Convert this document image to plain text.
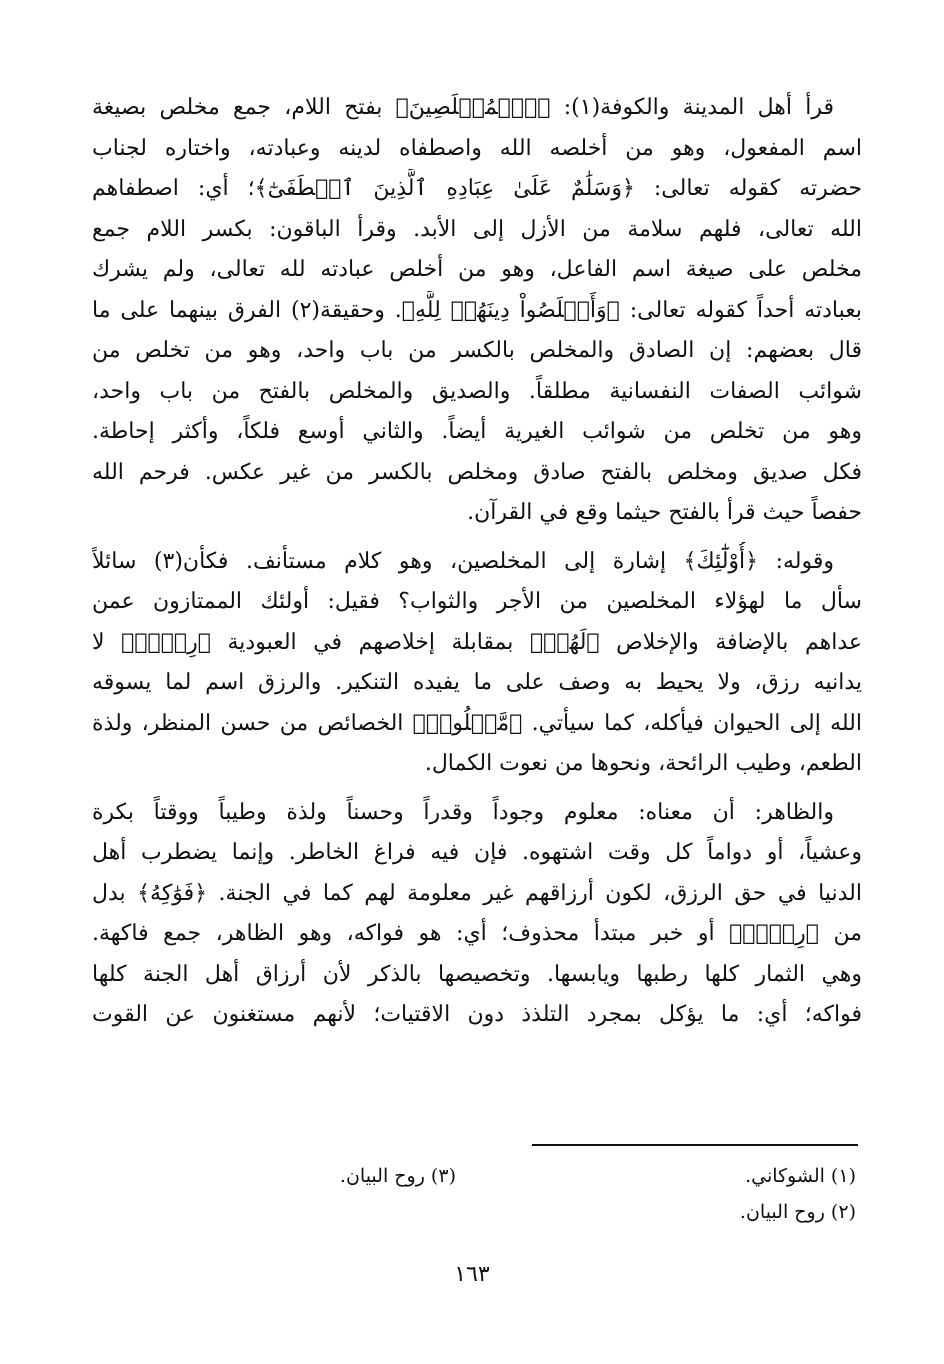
قرأ أهل المدينة والكوفة(١): ﴿ٱلۡمُخۡلَصِينَ﴾ بفتح اللام، جمع مخلص بصيغة
اسم المفعول، وهو من أخلصه الله واصطفاه لدينه وعبادته، واختاره لجناب
حضرته كقوله تعالى: ﴿وَسَلَٰمٌ عَلَىٰ عِبَادِهِ ٱلَّذِينَ ٱصۡطَفَىٰٓ﴾؛ أي: اصطفاهم
الله تعالى، فلهم سلامة من الأزل إلى الأبد. وقرأ الباقون: بكسر اللام جمع
مخلص على صيغة اسم الفاعل، وهو من أخلص عبادته لله تعالى، ولم يشرك
بعبادته أحداً كقوله تعالى: ﴿وَأَخۡلَصُواْ دِينَهُمۡ لِلَّهِ﴾. وحقيقة(٢) الفرق بينهما على ما
قال بعضهم: إن الصادق والمخلص بالكسر من باب واحد، وهو من تخلص من
شوائب الصفات النفسانية مطلقاً. والصديق والمخلص بالفتح من باب واحد،
وهو من تخلص من شوائب الغيرية أيضاً. والثاني أوسع فلكاً، وأكثر إحاطة.
فكل صديق ومخلص بالفتح صادق ومخلص بالكسر من غير عكس. فرحم الله
حفصاً حيث قرأ بالفتح حيثما وقع في القرآن.
وقوله: ﴿أُوْلَٰٓئِكَ﴾ إشارة إلى المخلصين، وهو كلام مستأنف. فكأن(٣) سائلاً
سأل ما لهؤلاء المخلصين من الأجر والثواب؟ فقيل: أولئك الممتازون عمن
عداهم بالإضافة والإخلاص ﴿لَهُمۡ﴾ بمقابلة إخلاصهم في العبودية ﴿رِزۡقٞ﴾ لا
يدانيه رزق، ولا يحيط به وصف على ما يفيده التنكير. والرزق اسم لما يسوقه
الله إلى الحيوان فيأكله، كما سيأتي. ﴿مَّعۡلُومٞ﴾ الخصائص من حسن المنظر، ولذة
الطعم، وطيب الرائحة، ونحوها من نعوت الكمال.
والظاهر: أن معناه: معلوم وجوداً وقدراً وحسناً ولذة وطيباً ووقتاً بكرة
وعشياً، أو دواماً كل وقت اشتهوه. فإن فيه فراغ الخاطر. وإنما يضطرب أهل
الدنيا في حق الرزق، لكون أرزاقهم غير معلومة لهم كما في الجنة. ﴿فَوَٰكِهُ﴾ بدل
من ﴿رِزۡقٞ﴾ أو خبر مبتدأ محذوف؛ أي: هو فواكه، وهو الظاهر، جمع فاكهة.
وهي الثمار كلها رطبها ويابسها. وتخصيصها بالذكر لأن أرزاق أهل الجنة كلها
فواكه؛ أي: ما يؤكل بمجرد التلذذ دون الاقتيات؛ لأنهم مستغنون عن القوت
(١) الشوكاني.
(٢) روح البيان.
(٣) روح البيان.
١٦٣
